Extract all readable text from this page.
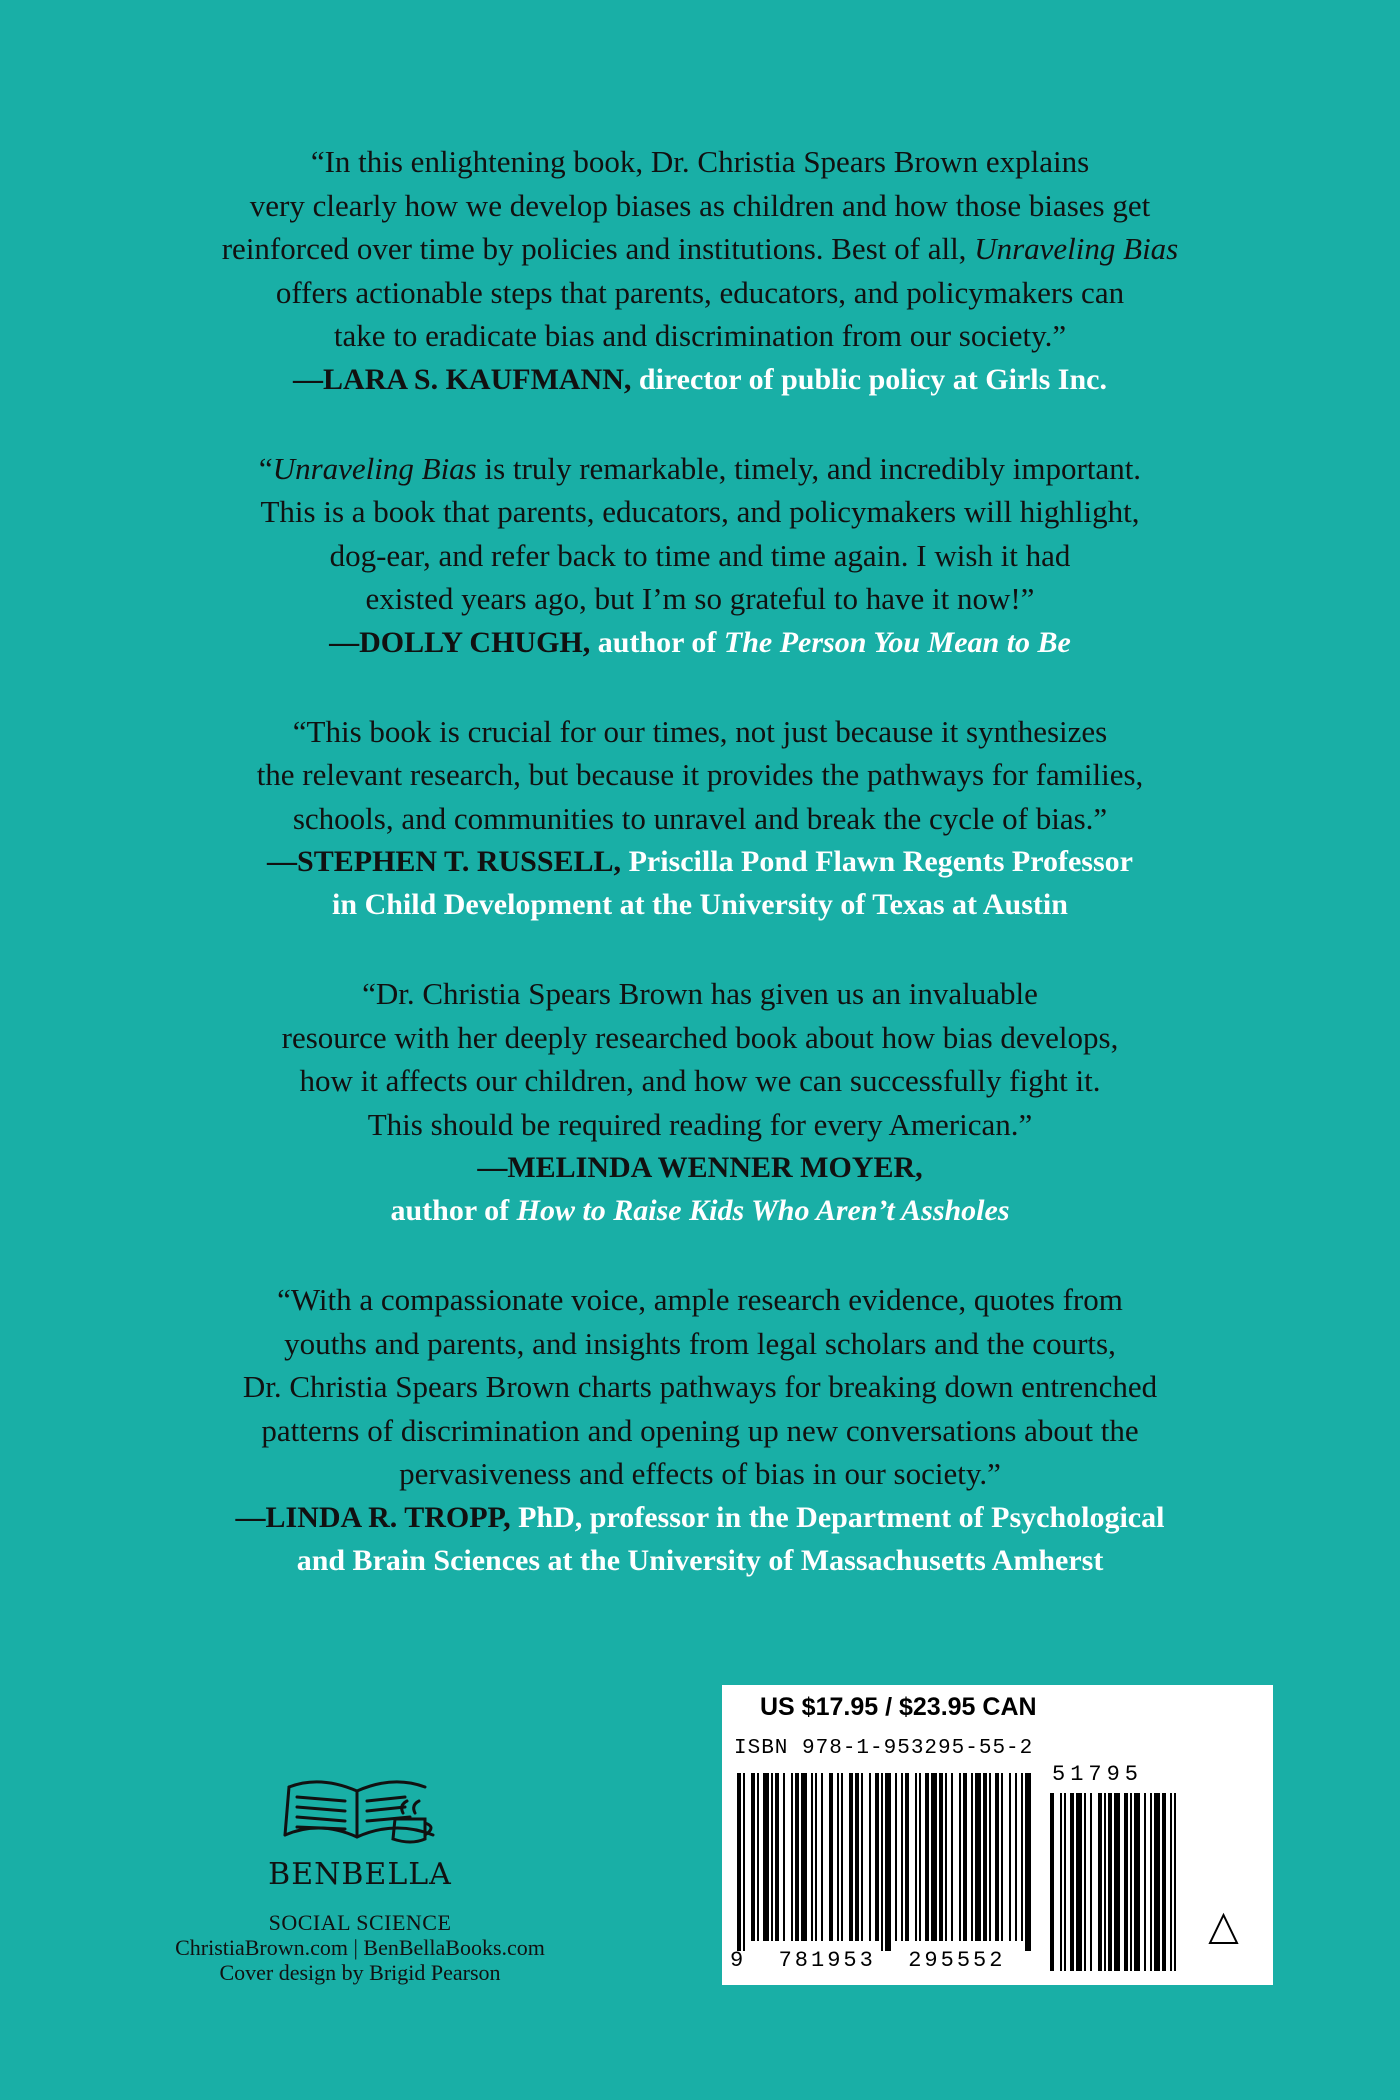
“In this enlightening book, Dr. Christia Spears Brown explains
very clearly how we develop biases as children and how those biases get
reinforced over time by policies and institutions. Best of all, Unraveling Bias
offers actionable steps that parents, educators, and policymakers can
take to eradicate bias and discrimination from our society.”
—LARA S. KAUFMANN, director of public policy at Girls Inc.
“Unraveling Bias is truly remarkable, timely, and incredibly important.
This is a book that parents, educators, and policymakers will highlight,
dog-ear, and refer back to time and time again. I wish it had
existed years ago, but I’m so grateful to have it now!”
—DOLLY CHUGH, author of The Person You Mean to Be
“This book is crucial for our times, not just because it synthesizes
the relevant research, but because it provides the pathways for families,
schools, and communities to unravel and break the cycle of bias.”
—STEPHEN T. RUSSELL, Priscilla Pond Flawn Regents Professor
in Child Development at the University of Texas at Austin
“Dr. Christia Spears Brown has given us an invaluable
resource with her deeply researched book about how bias develops,
how it affects our children, and how we can successfully fight it.
This should be required reading for every American.”
—MELINDA WENNER MOYER,
author of How to Raise Kids Who Aren’t Assholes
“With a compassionate voice, ample research evidence, quotes from
youths and parents, and insights from legal scholars and the courts,
Dr. Christia Spears Brown charts pathways for breaking down entrenched
patterns of discrimination and opening up new conversations about the
pervasiveness and effects of bias in our society.”
—LINDA R. TROPP, PhD, professor in the Department of Psychological
and Brain Sciences at the University of Massachusetts Amherst
BENBELLA
SOCIAL SCIENCE
ChristiaBrown.com | BenBellaBooks.com
Cover design by Brigid Pearson
US $17.95 / $23.95 CAN
ISBN 978-1-953295-55-2
51795
9  781953  295552
